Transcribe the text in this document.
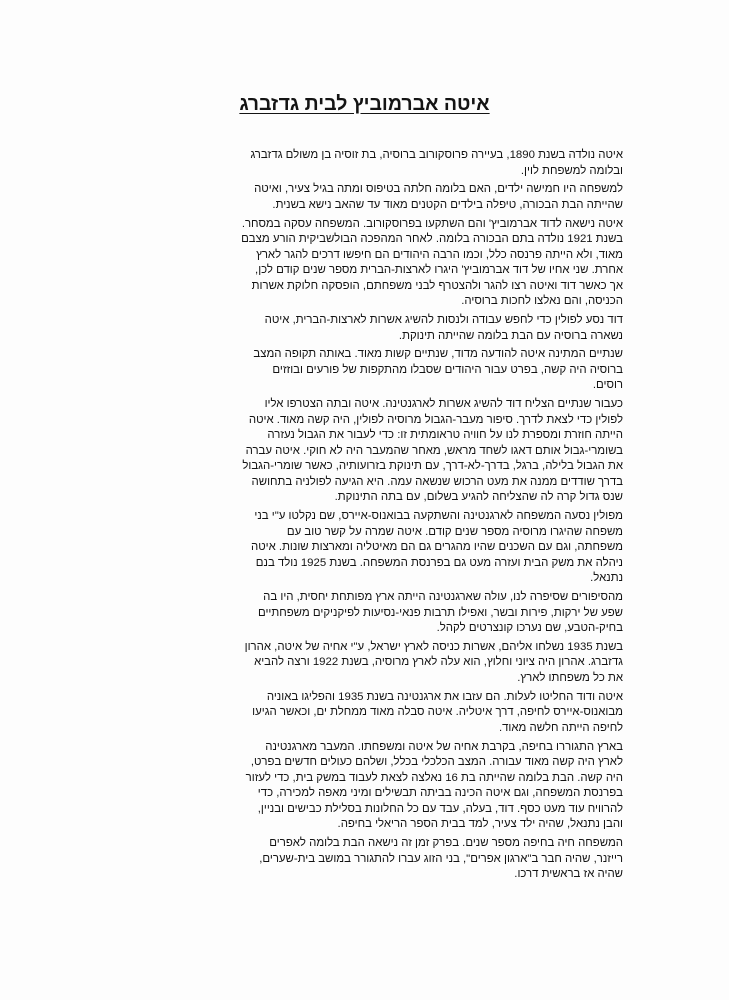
איטה אברמוביץ לבית גדזברג

איטה נולדה בשנת 1890, בעיירה פרוסקורוב ברוסיה, בת זוסיה בן משולם גדזברג
ובלומה למשפחת לוין.

למשפחה היו חמישה ילדים, האם בלומה חלתה בטיפוס ומתה בגיל צעיר, ואיטה
שהייתה הבת הבכורה, טיפלה בילדים הקטנים מאוד עד שהאב נישא בשנית.

איטה נישאה לדוד אברמוביץ' והם השתקעו בפרוסקורוב. המשפחה עסקה במסחר.
בשנת 1921 נולדה בתם הבכורה בלומה. לאחר המהפכה הבולשביקית הורע מצבם
מאוד, ולא הייתה פרנסה כלל, וכמו הרבה היהודים הם חיפשו דרכים להגר לארץ
אחרת. שני אחיו של דוד אברמוביץ' היגרו לארצות-הברית מספר שנים קודם לכן,
אך כאשר דוד ואיטה רצו להגר ולהצטרף לבני משפחתם, הופסקה חלוקת אשרות
הכניסה, והם נאלצו לחכות ברוסיה.

דוד נסע לפולין כדי לחפש עבודה ולנסות להשיג אשרות לארצות-הברית, איטה
נשארה ברוסיה עם הבת בלומה שהייתה תינוקת.

שנתיים המתינה איטה להודעה מדוד, שנתיים קשות מאוד. באותה תקופה המצב
ברוסיה היה קשה, בפרט עבור היהודים שסבלו מהתקפות של פורעים ובוזזים
רוסים.

כעבור שנתיים הצליח דוד להשיג אשרות לארגנטינה. איטה ובתה הצטרפו אליו
לפולין כדי לצאת לדרך. סיפור מעבר-הגבול מרוסיה לפולין, היה קשה מאוד. איטה
הייתה חוזרת ומספרת לנו על חוויה טראומתית זו: כדי לעבור את הגבול נעזרה
בשומרי-גבול אותם דאגו לשחד מראש, מאחר שהמעבר היה לא חוקי. איטה עברה
את הגבול בלילה, ברגל, בדרך-לא-דרך, עם תינוקת בזרועותיה, כאשר שומרי-הגבול
בדרך שודדים ממנה את מעט הרכוש שנשאה עמה. היא הגיעה לפולניה בתחושה
שנס גדול קרה לה שהצליחה להגיע בשלום, עם בתה התינוקת.

מפולין נסעה המשפחה לארגנטינה והשתקעה בבואנוס-איירס, שם נקלטו ע"י בני
משפחה שהיגרו מרוסיה מספר שנים קודם. איטה שמרה על קשר טוב עם
משפחתה, וגם עם השכנים שהיו מהגרים גם הם מאיטליה ומארצות שונות. איטה
ניהלה את משק הבית ועזרה מעט גם בפרנסת המשפחה. בשנת 1925 נולד בנם
נתנאל.

מהסיפורים שסיפרה לנו, עולה שארגנטינה הייתה ארץ מפותחת יחסית, היו בה
שפע של ירקות, פירות ובשר, ואפילו תרבות פנאי-נסיעות לפיקניקים משפחתיים
בחיק-הטבע, שם נערכו קונצרטים לקהל.

בשנת 1935 נשלחו אליהם, אשרות כניסה לארץ ישראל, ע"י אחיה של איטה, אהרון
גדזברג. אהרון היה ציוני וחלוץ, הוא עלה לארץ מרוסיה, בשנת 1922 ורצה להביא
את כל משפחתו לארץ.

איטה ודוד החליטו לעלות. הם עזבו את ארגנטינה בשנת 1935 והפליגו באוניה
מבואנוס-איירס לחיפה, דרך איטליה. איטה סבלה מאוד ממחלת ים, וכאשר הגיעו
לחיפה הייתה חלשה מאוד.

בארץ התגוררו בחיפה, בקרבת אחיה של איטה ומשפחתו. המעבר מארגנטינה
לארץ היה קשה מאוד עבורה. המצב הכלכלי בכלל, ושלהם כעולים חדשים בפרט,
היה קשה. הבת בלומה שהייתה בת 16 נאלצה לצאת לעבוד במשק בית, כדי לעזור
בפרנסת המשפחה, וגם איטה הכינה בביתה תבשילים ומיני מאפה למכירה, כדי
להרוויח עוד מעט כסף. דוד, בעלה, עבד עם כל החלונות בסלילת כבישים ובניין,
והבן נתנאל, שהיה ילד צעיר, למד בבית הספר הריאלי בחיפה.

המשפחה חיה בחיפה מספר שנים. בפרק זמן זה נישאה הבת בלומה לאפרים
רייזנר, שהיה חבר ב"ארגון אפרים", בני הזוג עברו להתגורר במושב בית-שערים,
שהיה אז בראשית דרכו.
